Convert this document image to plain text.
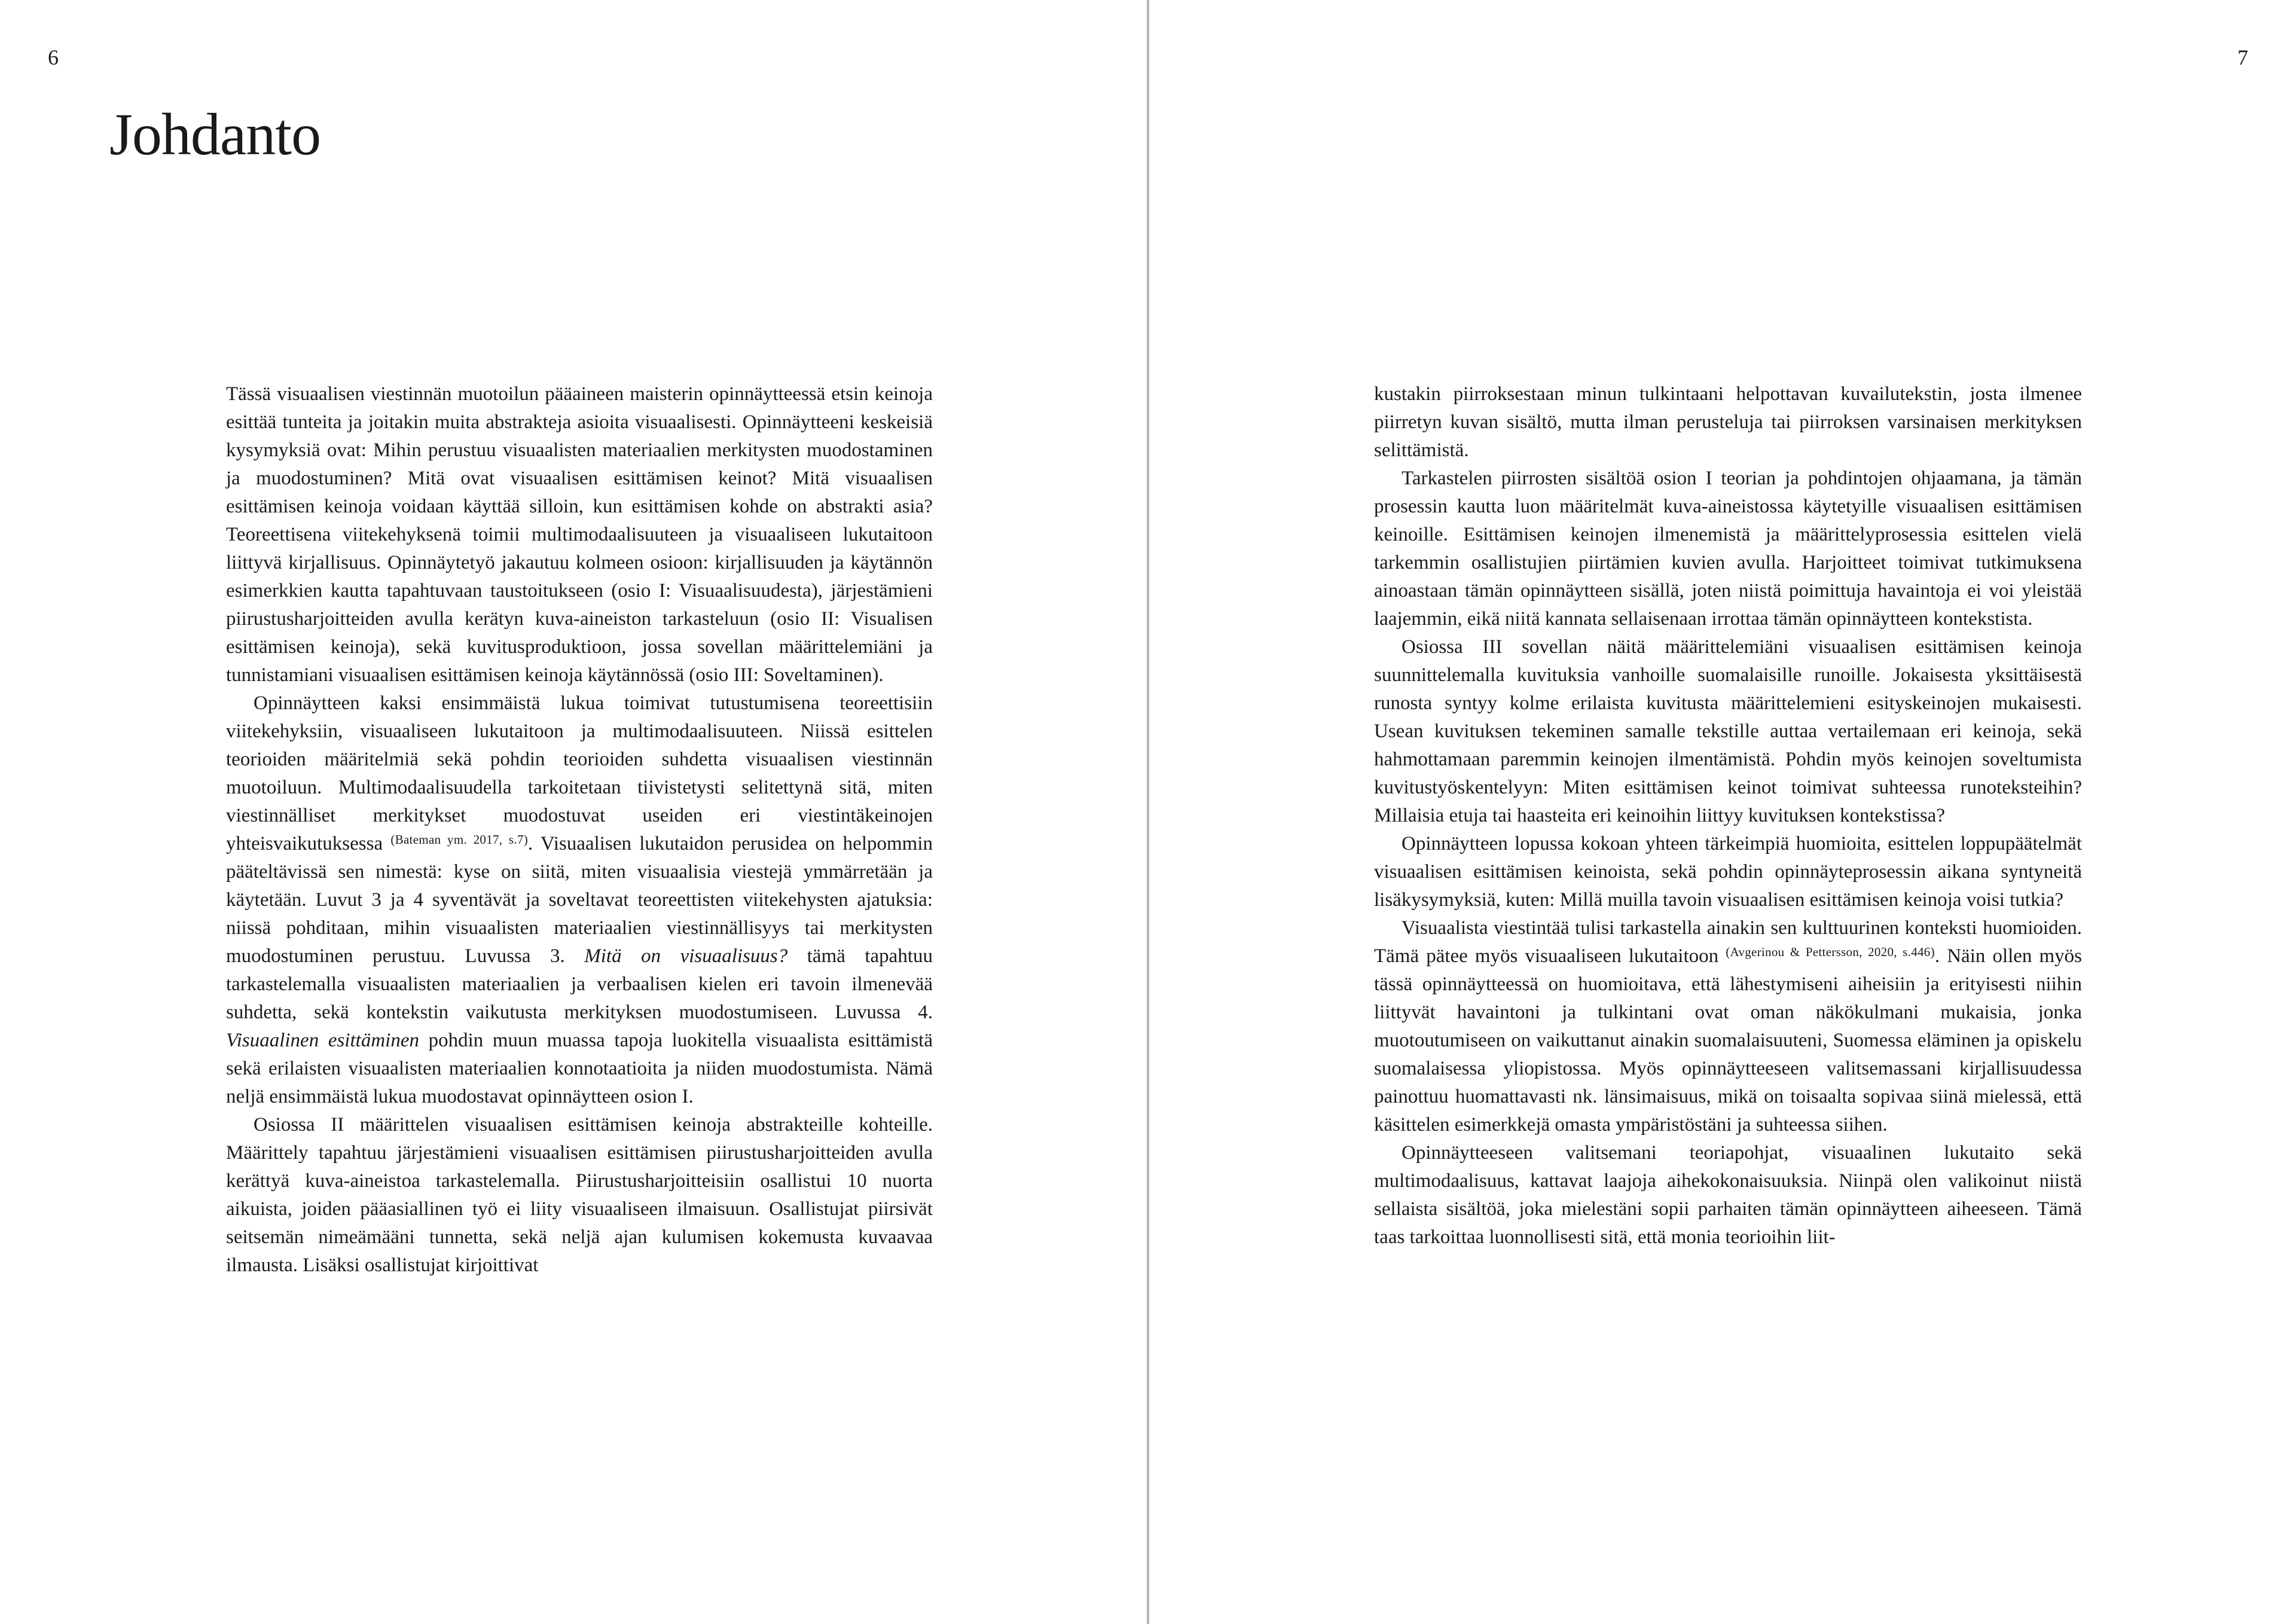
6
Johdanto

Tässä visuaalisen viestinnän muotoilun pääaineen maisterin opinnäytteessä etsin keinoja esittää tunteita ja joitakin muita abstrakteja asioita visuaalisesti. Opinnäytteeni keskeisiä kysymyksiä ovat: Mihin perustuu visuaalisten materiaalien merkitysten muodostaminen ja muodostuminen? Mitä ovat visuaalisen esittämisen keinot? Mitä visuaalisen esittämisen keinoja voidaan käyttää silloin, kun esittämisen kohde on abstrakti asia? Teoreettisena viitekehyksenä toimii multimodaalisuuteen ja visuaaliseen lukutaitoon liittyvä kirjallisuus. Opinnäytetyö jakautuu kolmeen osioon: kirjallisuuden ja käytännön esimerkkien kautta tapahtuvaan taustoitukseen (osio I: Visuaalisuudesta), järjestämieni piirustusharjoitteiden avulla kerätyn kuva-aineiston tarkasteluun (osio II: Visualisen esittämisen keinoja), sekä kuvitusproduktioon, jossa sovellan määrittelemiäni ja tunnistamiani visuaalisen esittämisen keinoja käytännössä (osio III: Soveltaminen).

Opinnäytteen kaksi ensimmäistä lukua toimivat tutustumisena teoreettisiin viitekehyksiin, visuaaliseen lukutaitoon ja multimodaalisuuteen. Niissä esittelen teorioiden määritelmiä sekä pohdin teorioiden suhdetta visuaalisen viestinnän muotoiluun. Multimodaalisuudella tarkoitetaan tiivistetysti selitettynä sitä, miten viestinnälliset merkitykset muodostuvat useiden eri viestintäkeinojen yhteisvaikutuksessa $^{(Bateman ym. 2017, s.7)}$. Visuaalisen lukutaidon perusidea on helpommin pääteltävissä sen nimestä: kyse on siitä, miten visuaalisia viestejä ymmärretään ja käytetään. Luvut 3 ja 4 syventävät ja soveltavat teoreettisten viitekehysten ajatuksia: niissä pohditaan, mihin visuaalisten materiaalien viestinnällisyys tai merkitysten muodostuminen perustuu. Luvussa 3. Mitä on visuaalisuus? tämä tapahtuu tarkastelemalla visuaalisten materiaalien ja verbaalisen kielen eri tavoin ilmenevää suhdetta, sekä kontekstin vaikutusta merkityksen muodostumiseen. Luvussa 4. Visuaalinen esittäminen pohdin muun muassa tapoja luokitella visuaalista esittämistä sekä erilaisten visuaalisten materiaalien konnotaatioita ja niiden muodostumista. Nämä neljä ensimmäistä lukua muodostavat opinnäytteen osion I.

Osiossa II määrittelen visuaalisen esittämisen keinoja abstrakteille kohteille. Määrittely tapahtuu järjestämieni visuaalisen esittämisen piirustusharjoitteiden avulla kerättyä kuva-aineistoa tarkastelemalla. Piirustusharjoitteisiin osallistui 10 nuorta aikuista, joiden pääasiallinen työ ei liity visuaaliseen ilmaisuun. Osallistujat piirsivät seitsemän nimeämääni tunnetta, sekä neljä ajan kulumisen kokemusta kuvaavaa ilmausta. Lisäksi osallistujat kirjoittivat

7

kustakin piirroksestaan minun tulkintaani helpottavan kuvailutekstin, josta ilmenee piirretyn kuvan sisältö, mutta ilman perusteluja tai piirroksen varsinaisen merkityksen selittämistä.

Tarkastelen piirrosten sisältöä osion I teorian ja pohdintojen ohjaamana, ja tämän prosessin kautta luon määritelmät kuva-aineistossa käytetyille visuaalisen esittämisen keinoille. Esittämisen keinojen ilmenemistä ja määrittelyprosessia esittelen vielä tarkemmin osallistujien piirtämien kuvien avulla. Harjoitteet toimivat tutkimuksena ainoastaan tämän opinnäytteen sisällä, joten niistä poimittuja havaintoja ei voi yleistää laajemmin, eikä niitä kannata sellaisenaan irrottaa tämän opinnäytteen kontekstista.

Osiossa III sovellan näitä määrittelemiäni visuaalisen esittämisen keinoja suunnittelemalla kuvituksia vanhoille suomalaisille runoille. Jokaisesta yksittäisestä runosta syntyy kolme erilaista kuvitusta määrittelemieni esityskeinojen mukaisesti. Usean kuvituksen tekeminen samalle tekstille auttaa vertailemaan eri keinoja, sekä hahmottamaan paremmin keinojen ilmentämistä. Pohdin myös keinojen soveltumista kuvitustyöskentelyyn: Miten esittämisen keinot toimivat suhteessa runoteksteihin? Millaisia etuja tai haasteita eri keinoihin liittyy kuvituksen kontekstissa?

Opinnäytteen lopussa kokoan yhteen tärkeimpiä huomioita, esittelen loppupäätelmät visuaalisen esittämisen keinoista, sekä pohdin opinnäyteprosessin aikana syntyneitä lisäkysymyksiä, kuten: Millä muilla tavoin visuaalisen esittämisen keinoja voisi tutkia?

Visuaalista viestintää tulisi tarkastella ainakin sen kulttuurinen konteksti huomioiden. Tämä pätee myös visuaaliseen lukutaitoon $^{(Avgerinou \& Pettersson, 2020, s.446)}$. Näin ollen myös tässä opinnäytteessä on huomioitava, että lähestymiseni aiheisiin ja erityisesti niihin liittyvät havaintoni ja tulkintani ovat oman näkökulmani mukaisia, jonka muotoutumiseen on vaikuttanut ainakin suomalaisuuteni, Suomessa eläminen ja opiskelu suomalaisessa yliopistossa. Myös opinnäytteeseen valitsemassani kirjallisuudessa painottuu huomattavasti nk. länsimaisuus, mikä on toisaalta sopivaa siinä mielessä, että käsittelen esimerkkejä omasta ympäristöstäni ja suhteessa siihen.

Opinnäytteeseen valitsemani teoriapohjat, visuaalinen lukutaito sekä multimodaalisuus, kattavat laajoja aihekokonaisuuksia. Niinpä olen valikoinut niistä sellaista sisältöä, joka mielestäni sopii parhaiten tämän opinnäytteen aiheeseen. Tämä taas tarkoittaa luonnollisesti sitä, että monia teorioihin liit-
